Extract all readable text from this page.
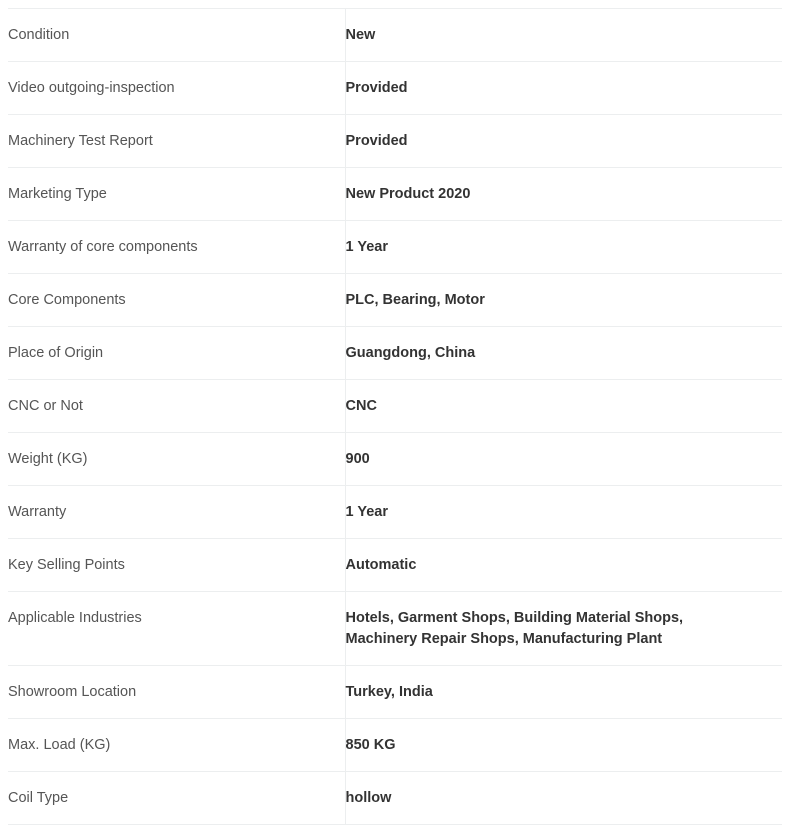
Condition	New

Video outgoing-inspection	Provided

Machinery Test Report	Provided

Marketing Type	New Product 2020

Warranty of core components	1 Year

Core Components	PLC, Bearing, Motor

Place of Origin	Guangdong, China

CNC or Not	CNC

Weight (KG)	900

Warranty	1 Year

Key Selling Points	Automatic

Applicable Industries	Hotels, Garment Shops, Building Material Shops,
Machinery Repair Shops, Manufacturing Plant

Showroom Location	Turkey, India

Max. Load (KG)	850 KG

Coil Type	hollow
